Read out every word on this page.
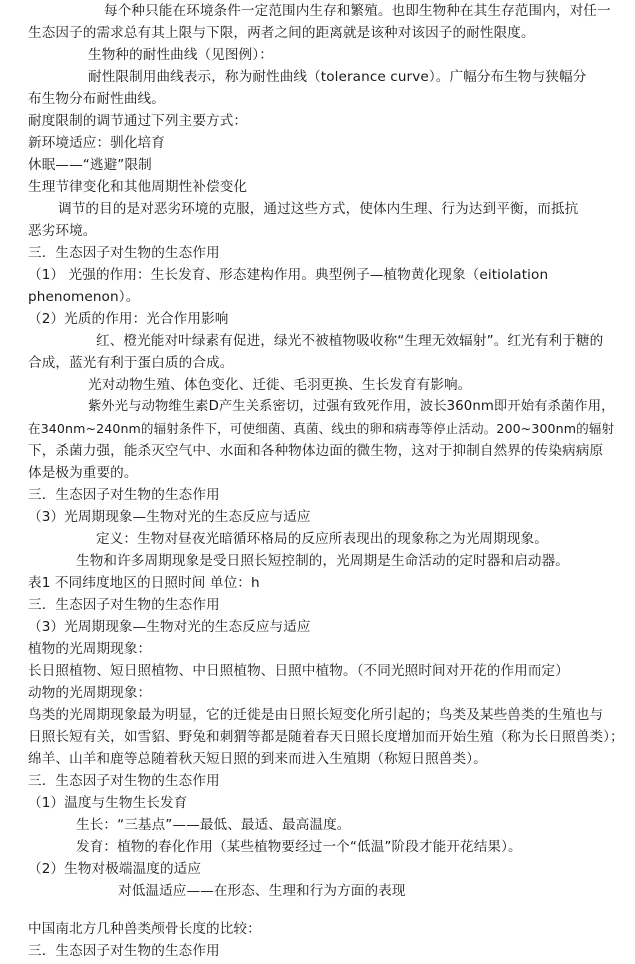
每个种只能在环境条件一定范围内生存和繁殖。也即生物种在其生存范围内，对任一
生态因子的需求总有其上限与下限，两者之间的距离就是该种对该因子的耐性限度。
生物种的耐性曲线（见图例）：
耐性限制用曲线表示，称为耐性曲线（tolerance curve）。广幅分布生物与狭幅分
布生物分布耐性曲线。
耐度限制的调节通过下列主要方式：
新环境适应：驯化培育
休眠——“逃避”限制
生理节律变化和其他周期性补偿变化
调节的目的是对恶劣环境的克服，通过这些方式，使体内生理、行为达到平衡，而抵抗
恶劣环境。
三．生态因子对生物的生态作用
（1） 光强的作用：生长发育、形态建构作用。典型例子—植物黄化现象（eitiolation
phenomenon）。
（2）光质的作用：光合作用影响
红、橙光能对叶绿素有促进，绿光不被植物吸收称“生理无效辐射”。红光有利于糖的
合成，蓝光有利于蛋白质的合成。
光对动物生殖、体色变化、迁徙、毛羽更换、生长发育有影响。
紫外光与动物维生素D产生关系密切，过强有致死作用，波长360nm即开始有杀菌作用，
在340nm~240nm的辐射条件下，可使细菌、真菌、线虫的卵和病毒等停止活动。200~300nm的辐射
下，杀菌力强，能杀灭空气中、水面和各种物体边面的微生物，这对于抑制自然界的传染病病原
体是极为重要的。
三．生态因子对生物的生态作用
（3）光周期现象—生物对光的生态反应与适应
定义：生物对昼夜光暗循环格局的反应所表现出的现象称之为光周期现象。
生物和许多周期现象是受日照长短控制的，光周期是生命活动的定时器和启动器。
表1 不同纬度地区的日照时间 单位：h
三．生态因子对生物的生态作用
（3）光周期现象—生物对光的生态反应与适应
植物的光周期现象：
长日照植物、短日照植物、中日照植物、日照中植物。（不同光照时间对开花的作用而定）
动物的光周期现象：
鸟类的光周期现象最为明显，它的迁徙是由日照长短变化所引起的；鸟类及某些兽类的生殖也与
日照长短有关，如雪貂、野兔和刺猬等都是随着春天日照长度增加而开始生殖（称为长日照兽类）；
绵羊、山羊和鹿等总随着秋天短日照的到来而进入生殖期（称短日照兽类）。
三．生态因子对生物的生态作用
（1）温度与生物生长发育
生长：“三基点”——最低、最适、最高温度。
发育：植物的春化作用（某些植物要经过一个“低温”阶段才能开花结果）。
（2）生物对极端温度的适应
对低温适应——在形态、生理和行为方面的表现
中国南北方几种兽类颅骨长度的比较：
三．生态因子对生物的生态作用
